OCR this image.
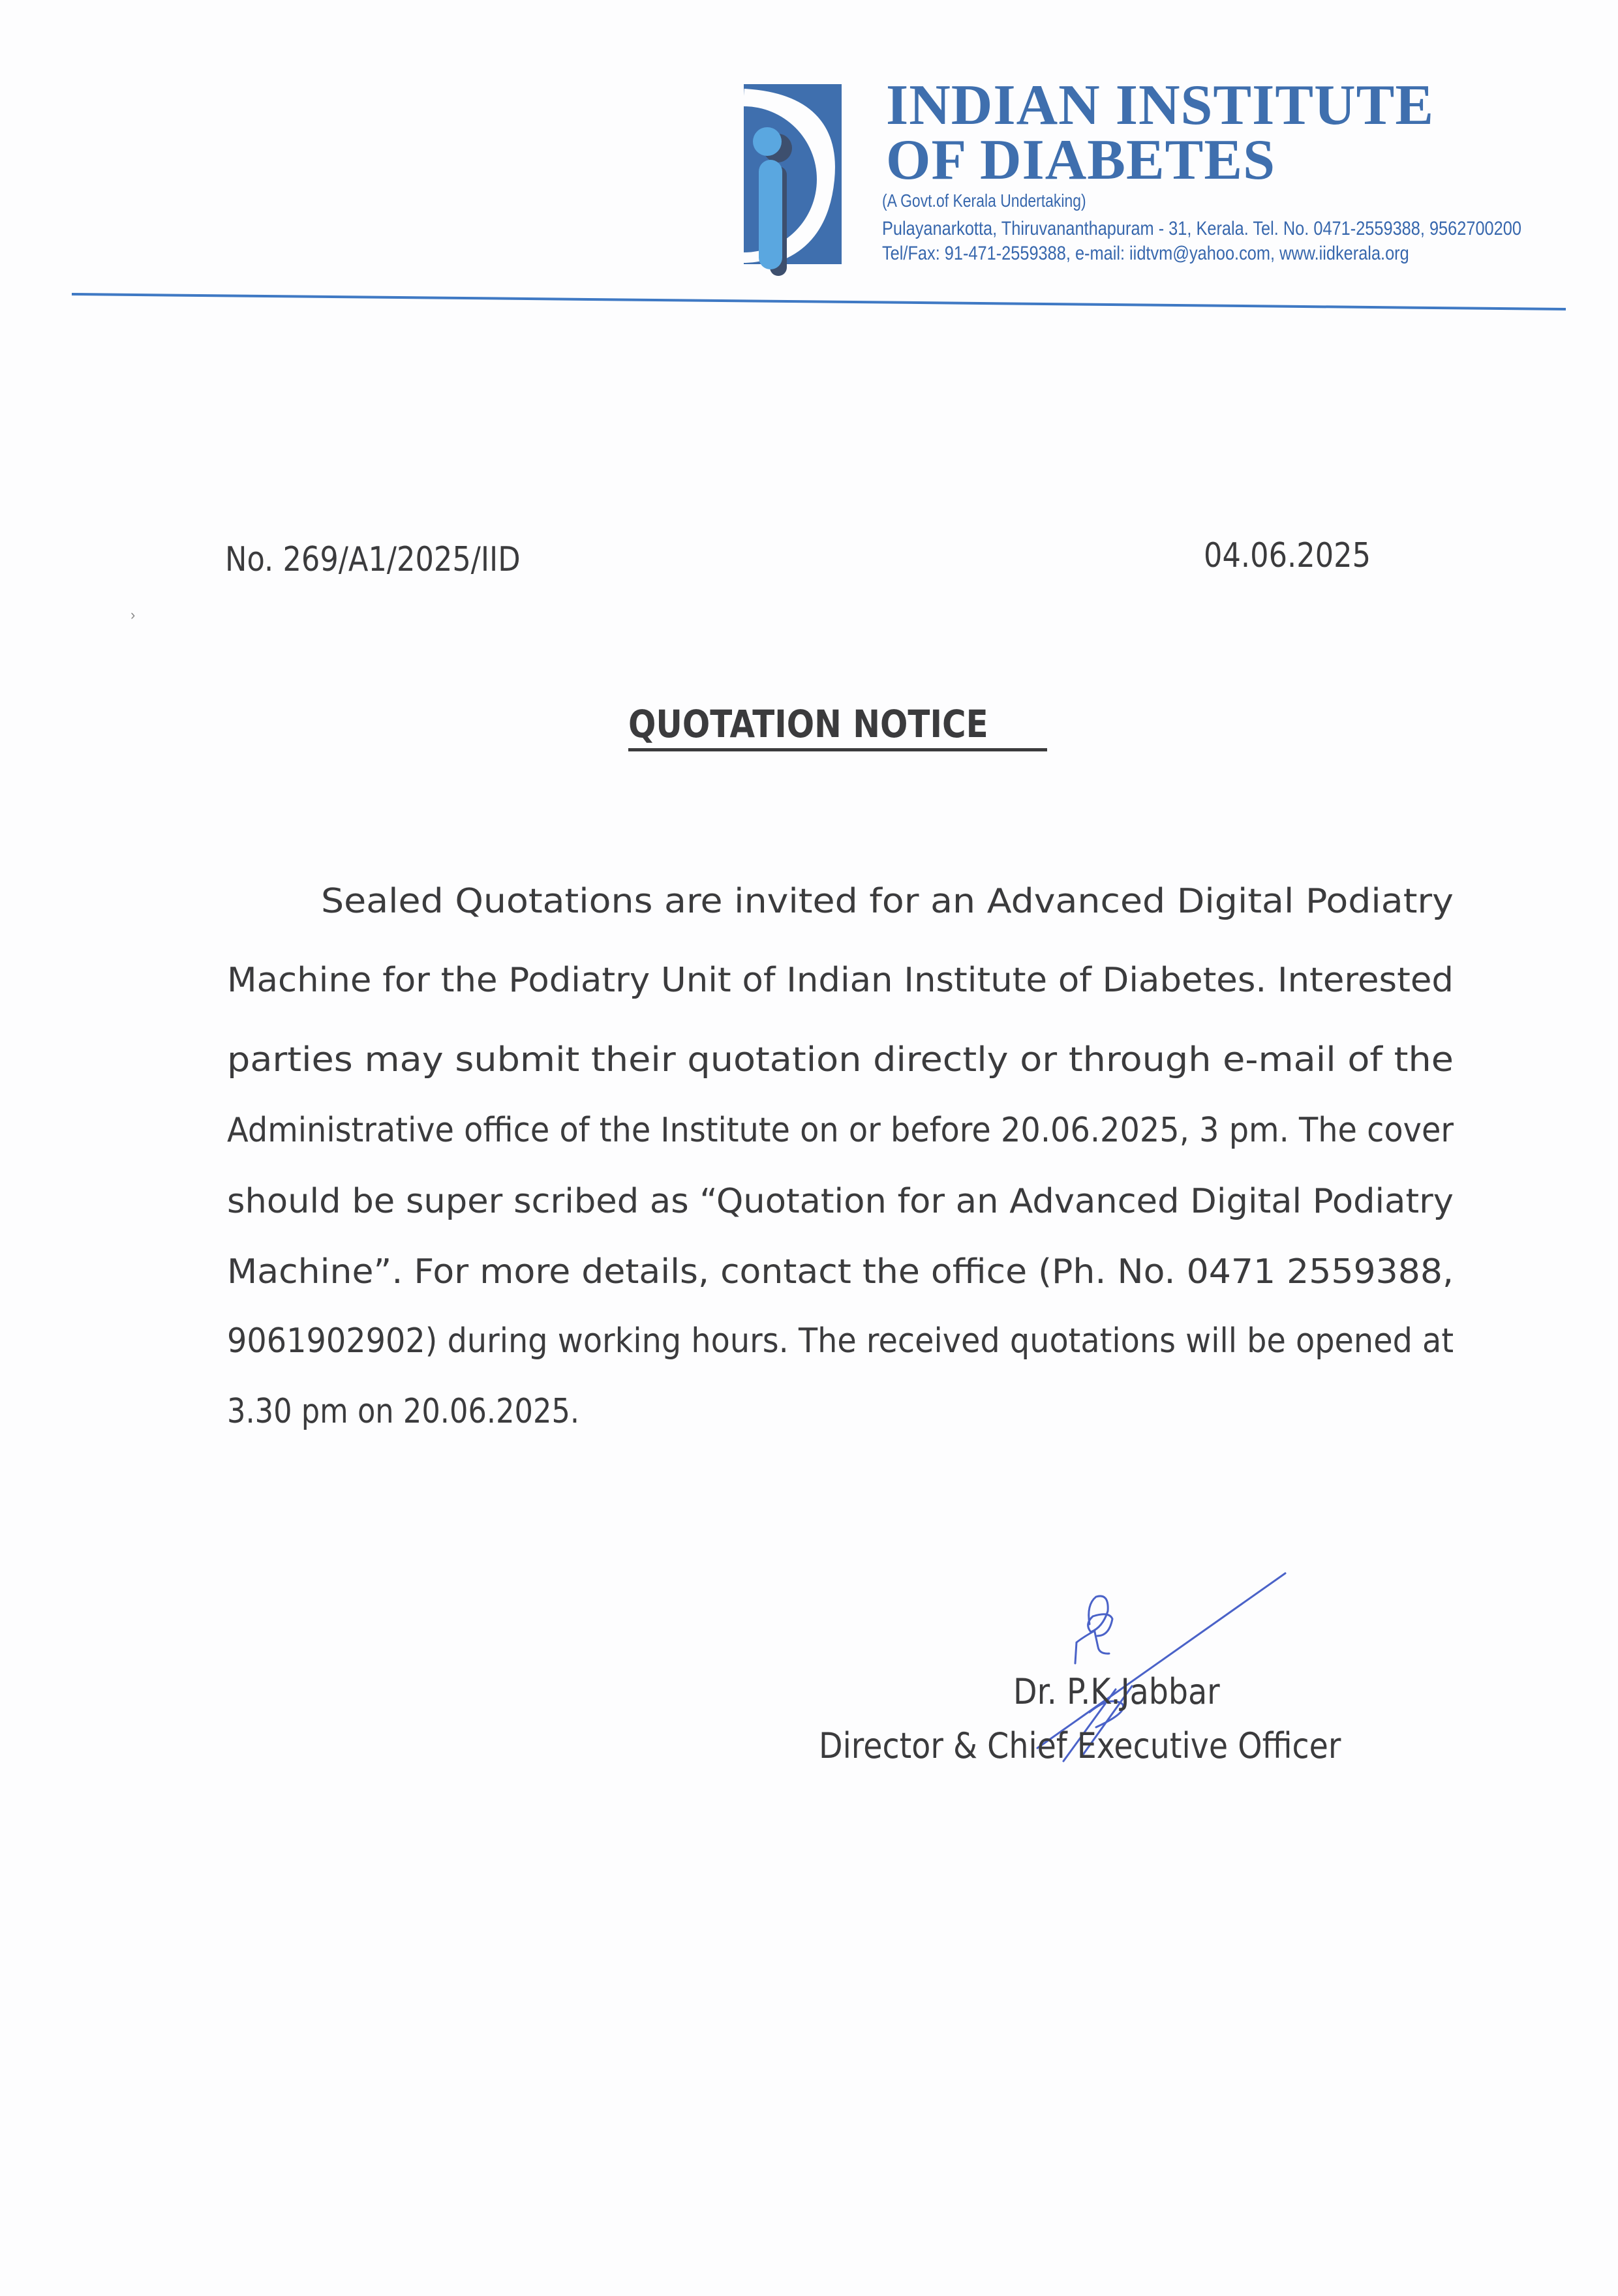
INDIAN INSTITUTE
OF DIABETES
(A Govt.of Kerala Undertaking)
Pulayanarkotta, Thiruvananthapuram - 31, Kerala. Tel. No. 0471-2559388, 9562700200
Tel/Fax: 91-471-2559388, e-mail: iidtvm@yahoo.com, www.iidkerala.org
›
No. 269/A1/2025/IID	04.06.2025
QUOTATION NOTICE
Sealed Quotations are invited for an Advanced Digital Podiatry
Machine for the Podiatry Unit of Indian Institute of Diabetes. Interested
parties may submit their quotation directly or through e-mail of the
Administrative office of the Institute on or before 20.06.2025, 3 pm. The cover
should be super scribed as “Quotation for an Advanced Digital Podiatry
Machine”. For more details, contact the office (Ph. No. 0471 2559388,
9061902902) during working hours. The received quotations will be opened at
3.30 pm on 20.06.2025.
Dr. P.K.Jabbar
Director & Chief Executive Officer
